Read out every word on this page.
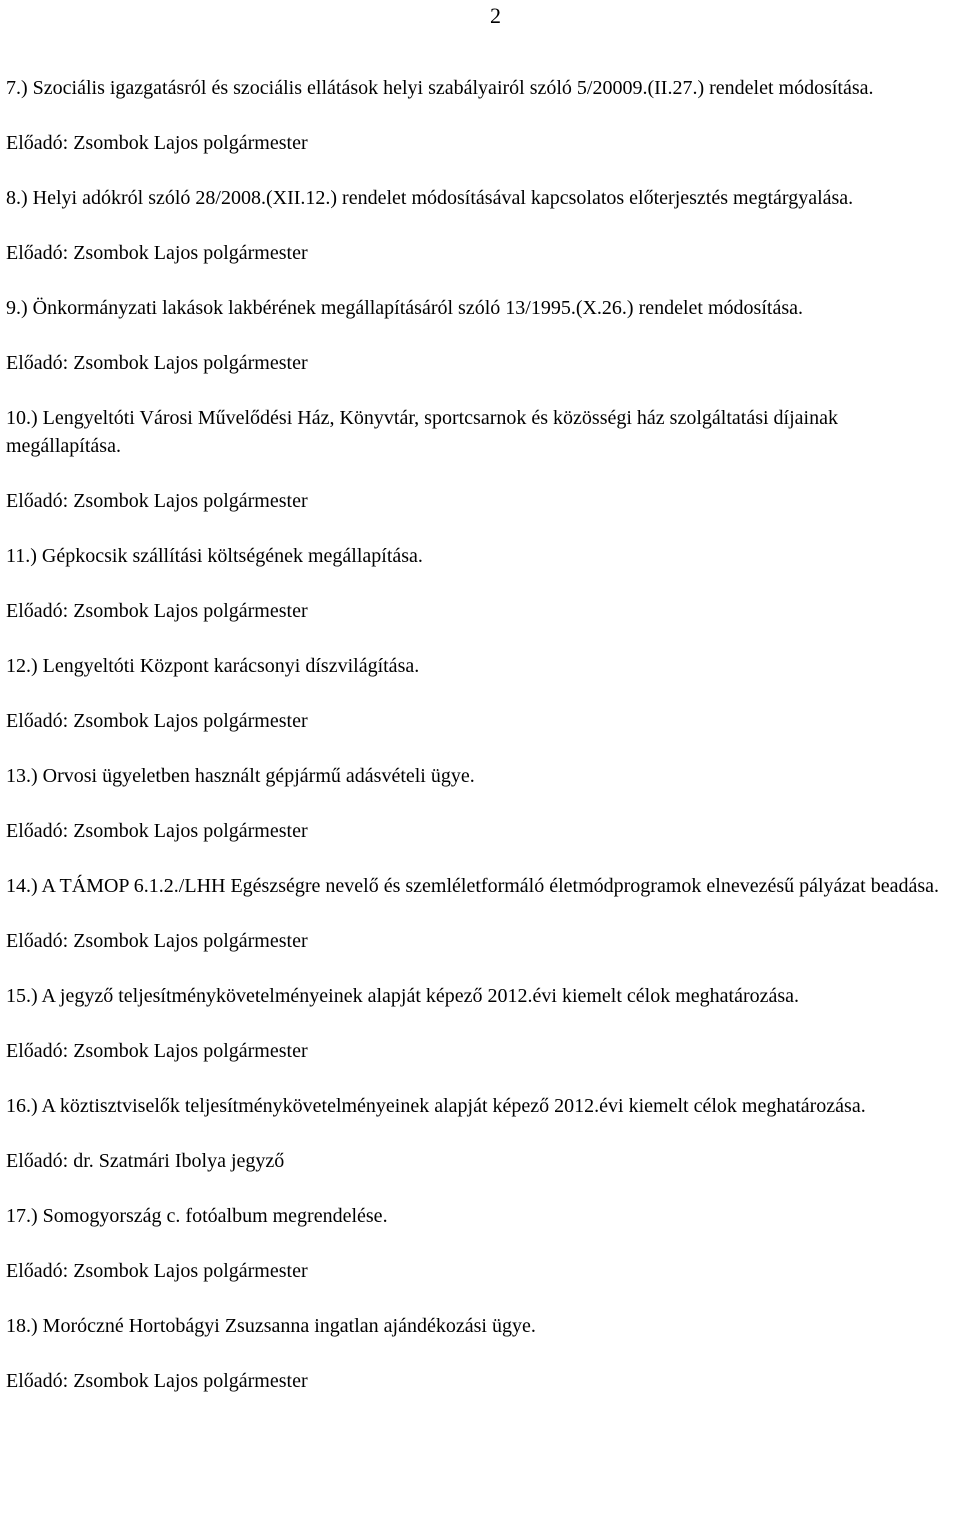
2

7.) Szociális igazgatásról és szociális ellátások helyi szabályairól szóló 5/20009.(II.27.) rendelet módosítása.

Előadó: Zsombok Lajos polgármester

8.) Helyi adókról szóló 28/2008.(XII.12.) rendelet módosításával kapcsolatos előterjesztés megtárgyalása.

Előadó: Zsombok Lajos polgármester

9.) Önkormányzati lakások lakbérének megállapításáról szóló 13/1995.(X.26.) rendelet módosítása.

Előadó: Zsombok Lajos polgármester

10.) Lengyeltóti Városi Művelődési Ház, Könyvtár, sportcsarnok és közösségi ház szolgáltatási díjainak megállapítása.

Előadó: Zsombok Lajos polgármester

11.) Gépkocsik szállítási költségének megállapítása.

Előadó: Zsombok Lajos polgármester

12.) Lengyeltóti Központ karácsonyi díszvilágítása.

Előadó: Zsombok Lajos polgármester

13.) Orvosi ügyeletben használt gépjármű adásvételi ügye.

Előadó: Zsombok Lajos polgármester

14.) A TÁMOP 6.1.2./LHH Egészségre nevelő és szemléletformáló életmódprogramok elnevezésű pályázat beadása.

Előadó: Zsombok Lajos polgármester

15.) A jegyző teljesítménykövetelményeinek alapját képező 2012.évi kiemelt célok meghatározása.

Előadó: Zsombok Lajos polgármester

16.) A köztisztviselők teljesítménykövetelményeinek alapját képező 2012.évi kiemelt célok meghatározása.

Előadó: dr. Szatmári Ibolya jegyző

17.) Somogyország c. fotóalbum megrendelése.

Előadó: Zsombok Lajos polgármester

18.) Moróczné Hortobágyi Zsuzsanna ingatlan ajándékozási ügye.

Előadó: Zsombok Lajos polgármester
